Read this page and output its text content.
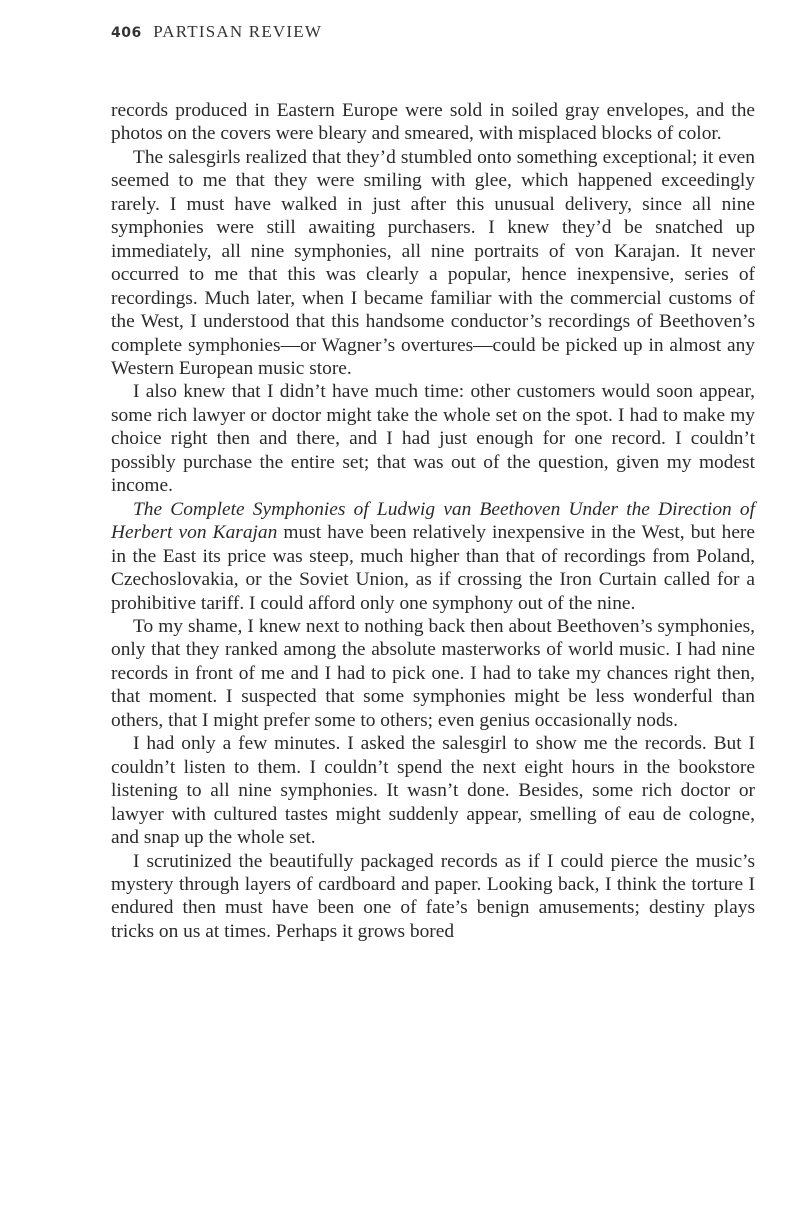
406 PARTISAN REVIEW

records produced in Eastern Europe were sold in soiled gray envelopes, and the photos on the covers were bleary and smeared, with misplaced blocks of color.

The salesgirls realized that they’d stumbled onto something exceptional; it even seemed to me that they were smiling with glee, which happened exceedingly rarely. I must have walked in just after this unusual delivery, since all nine symphonies were still awaiting purchasers. I knew they’d be snatched up immediately, all nine symphonies, all nine portraits of von Karajan. It never occurred to me that this was clearly a popular, hence inexpensive, series of recordings. Much later, when I became familiar with the commercial customs of the West, I understood that this handsome conductor’s recordings of Beethoven’s complete symphonies—or Wagner’s overtures—could be picked up in almost any Western European music store.

I also knew that I didn’t have much time: other customers would soon appear, some rich lawyer or doctor might take the whole set on the spot. I had to make my choice right then and there, and I had just enough for one record. I couldn’t possibly purchase the entire set; that was out of the question, given my modest income.

The Complete Symphonies of Ludwig van Beethoven Under the Direction of Herbert von Karajan must have been relatively inexpensive in the West, but here in the East its price was steep, much higher than that of recordings from Poland, Czechoslovakia, or the Soviet Union, as if crossing the Iron Curtain called for a prohibitive tariff. I could afford only one symphony out of the nine.

To my shame, I knew next to nothing back then about Beethoven’s symphonies, only that they ranked among the absolute masterworks of world music. I had nine records in front of me and I had to pick one. I had to take my chances right then, that moment. I suspected that some symphonies might be less wonderful than others, that I might prefer some to others; even genius occasionally nods.

I had only a few minutes. I asked the salesgirl to show me the records. But I couldn’t listen to them. I couldn’t spend the next eight hours in the bookstore listening to all nine symphonies. It wasn’t done. Besides, some rich doctor or lawyer with cultured tastes might suddenly appear, smelling of eau de cologne, and snap up the whole set.

I scrutinized the beautifully packaged records as if I could pierce the music’s mystery through layers of cardboard and paper. Looking back, I think the torture I endured then must have been one of fate’s benign amusements; destiny plays tricks on us at times. Perhaps it grows bored
